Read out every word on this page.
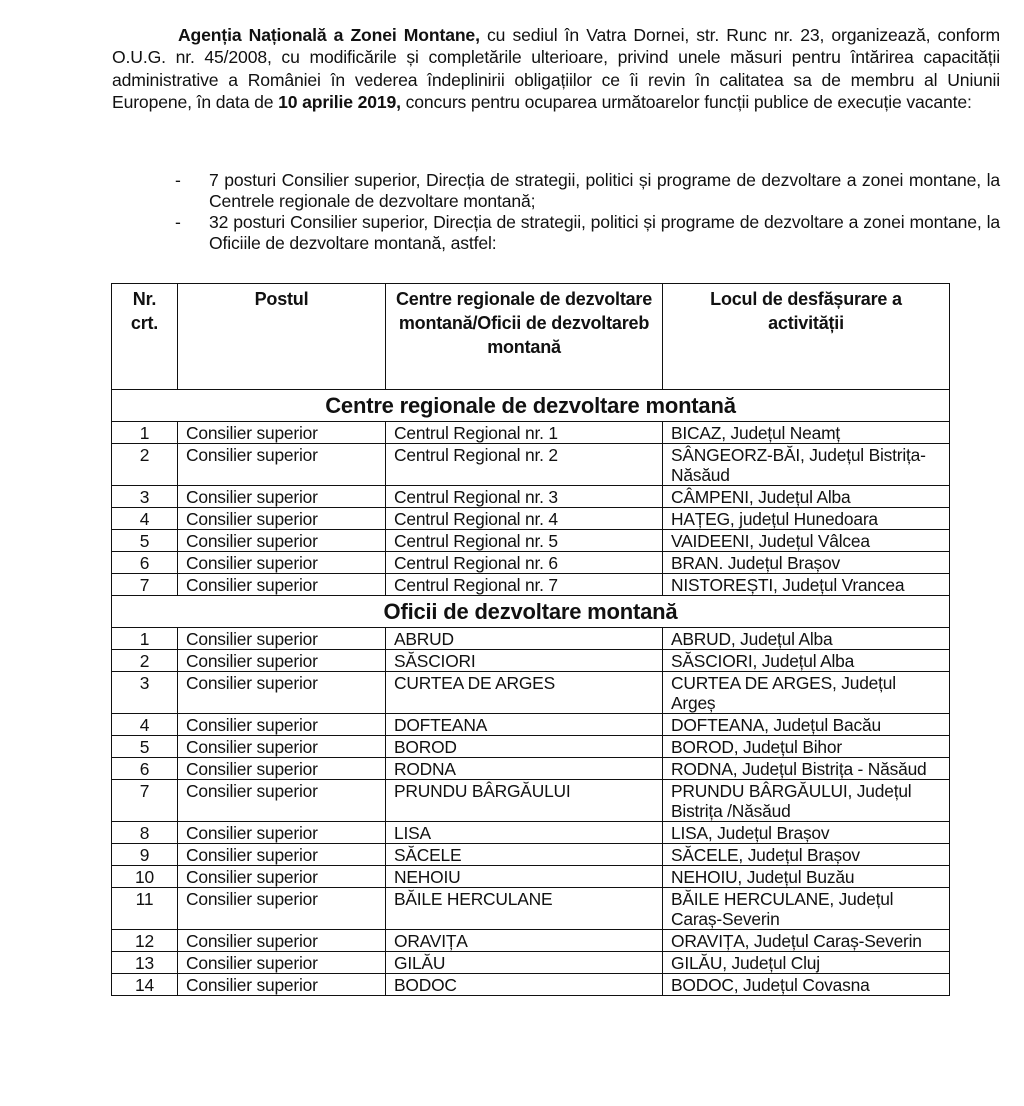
Agenția Națională a Zonei Montane, cu sediul în Vatra Dornei, str. Runc nr. 23, organizează, conform O.U.G. nr. 45/2008, cu modificările și completările ulterioare, privind unele măsuri pentru întărirea capacității administrative a României în vederea îndeplinirii obligațiilor ce îi revin în calitatea sa de membru al Uniunii Europene, în data de 10 aprilie 2019, concurs pentru ocuparea următoarelor funcții publice de execuție vacante:
- 7 posturi Consilier superior, Direcția de strategii, politici și programe de dezvoltare a zonei montane, la Centrele regionale de dezvoltare montană;
- 32 posturi Consilier superior, Direcția de strategii, politici și programe de dezvoltare a zonei montane, la Oficiile de dezvoltare montană, astfel:
Nr. crt.	Postul	Centre regionale de dezvoltare montană/Oficii de dezvoltareb montană	Locul de desfășurare a activității
Centre regionale de dezvoltare montană			
1	Consilier superior	Centrul Regional nr. 1	BICAZ, Județul Neamț
2	Consilier superior	Centrul Regional nr. 2	SÂNGEORZ-BĂI, Județul Bistrița-Năsăud
3	Consilier superior	Centrul Regional nr. 3	CÂMPENI, Județul Alba
4	Consilier superior	Centrul Regional nr. 4	HAȚEG, județul Hunedoara
5	Consilier superior	Centrul Regional nr. 5	VAIDEENI, Județul Vâlcea
6	Consilier superior	Centrul Regional nr. 6	BRAN. Județul Brașov
7	Consilier superior	Centrul Regional nr. 7	NISTOREȘTI, Județul Vrancea
Oficii de dezvoltare montană			
1	Consilier superior	ABRUD	ABRUD, Județul Alba
2	Consilier superior	SĂSCIORI	SĂSCIORI, Județul Alba
3	Consilier superior	CURTEA DE ARGES	CURTEA DE ARGES, Județul Argeș
4	Consilier superior	DOFTEANA	DOFTEANA, Județul Bacău
5	Consilier superior	BOROD	BOROD, Județul Bihor
6	Consilier superior	RODNA	RODNA, Județul Bistrița - Năsăud
7	Consilier superior	PRUNDU BÂRGĂULUI	PRUNDU BÂRGĂULUI, Județul Bistrița /Năsăud
8	Consilier superior	LISA	LISA, Județul Brașov
9	Consilier superior	SĂCELE	SĂCELE, Județul Brașov
10	Consilier superior	NEHOIU	NEHOIU, Județul Buzău
11	Consilier superior	BĂILE HERCULANE	BĂILE HERCULANE, Județul Caraș-Severin
12	Consilier superior	ORAVIȚA	ORAVIȚA, Județul Caraș-Severin
13	Consilier superior	GILĂU	GILĂU, Județul Cluj
14	Consilier superior	BODOC	BODOC, Județul Covasna
